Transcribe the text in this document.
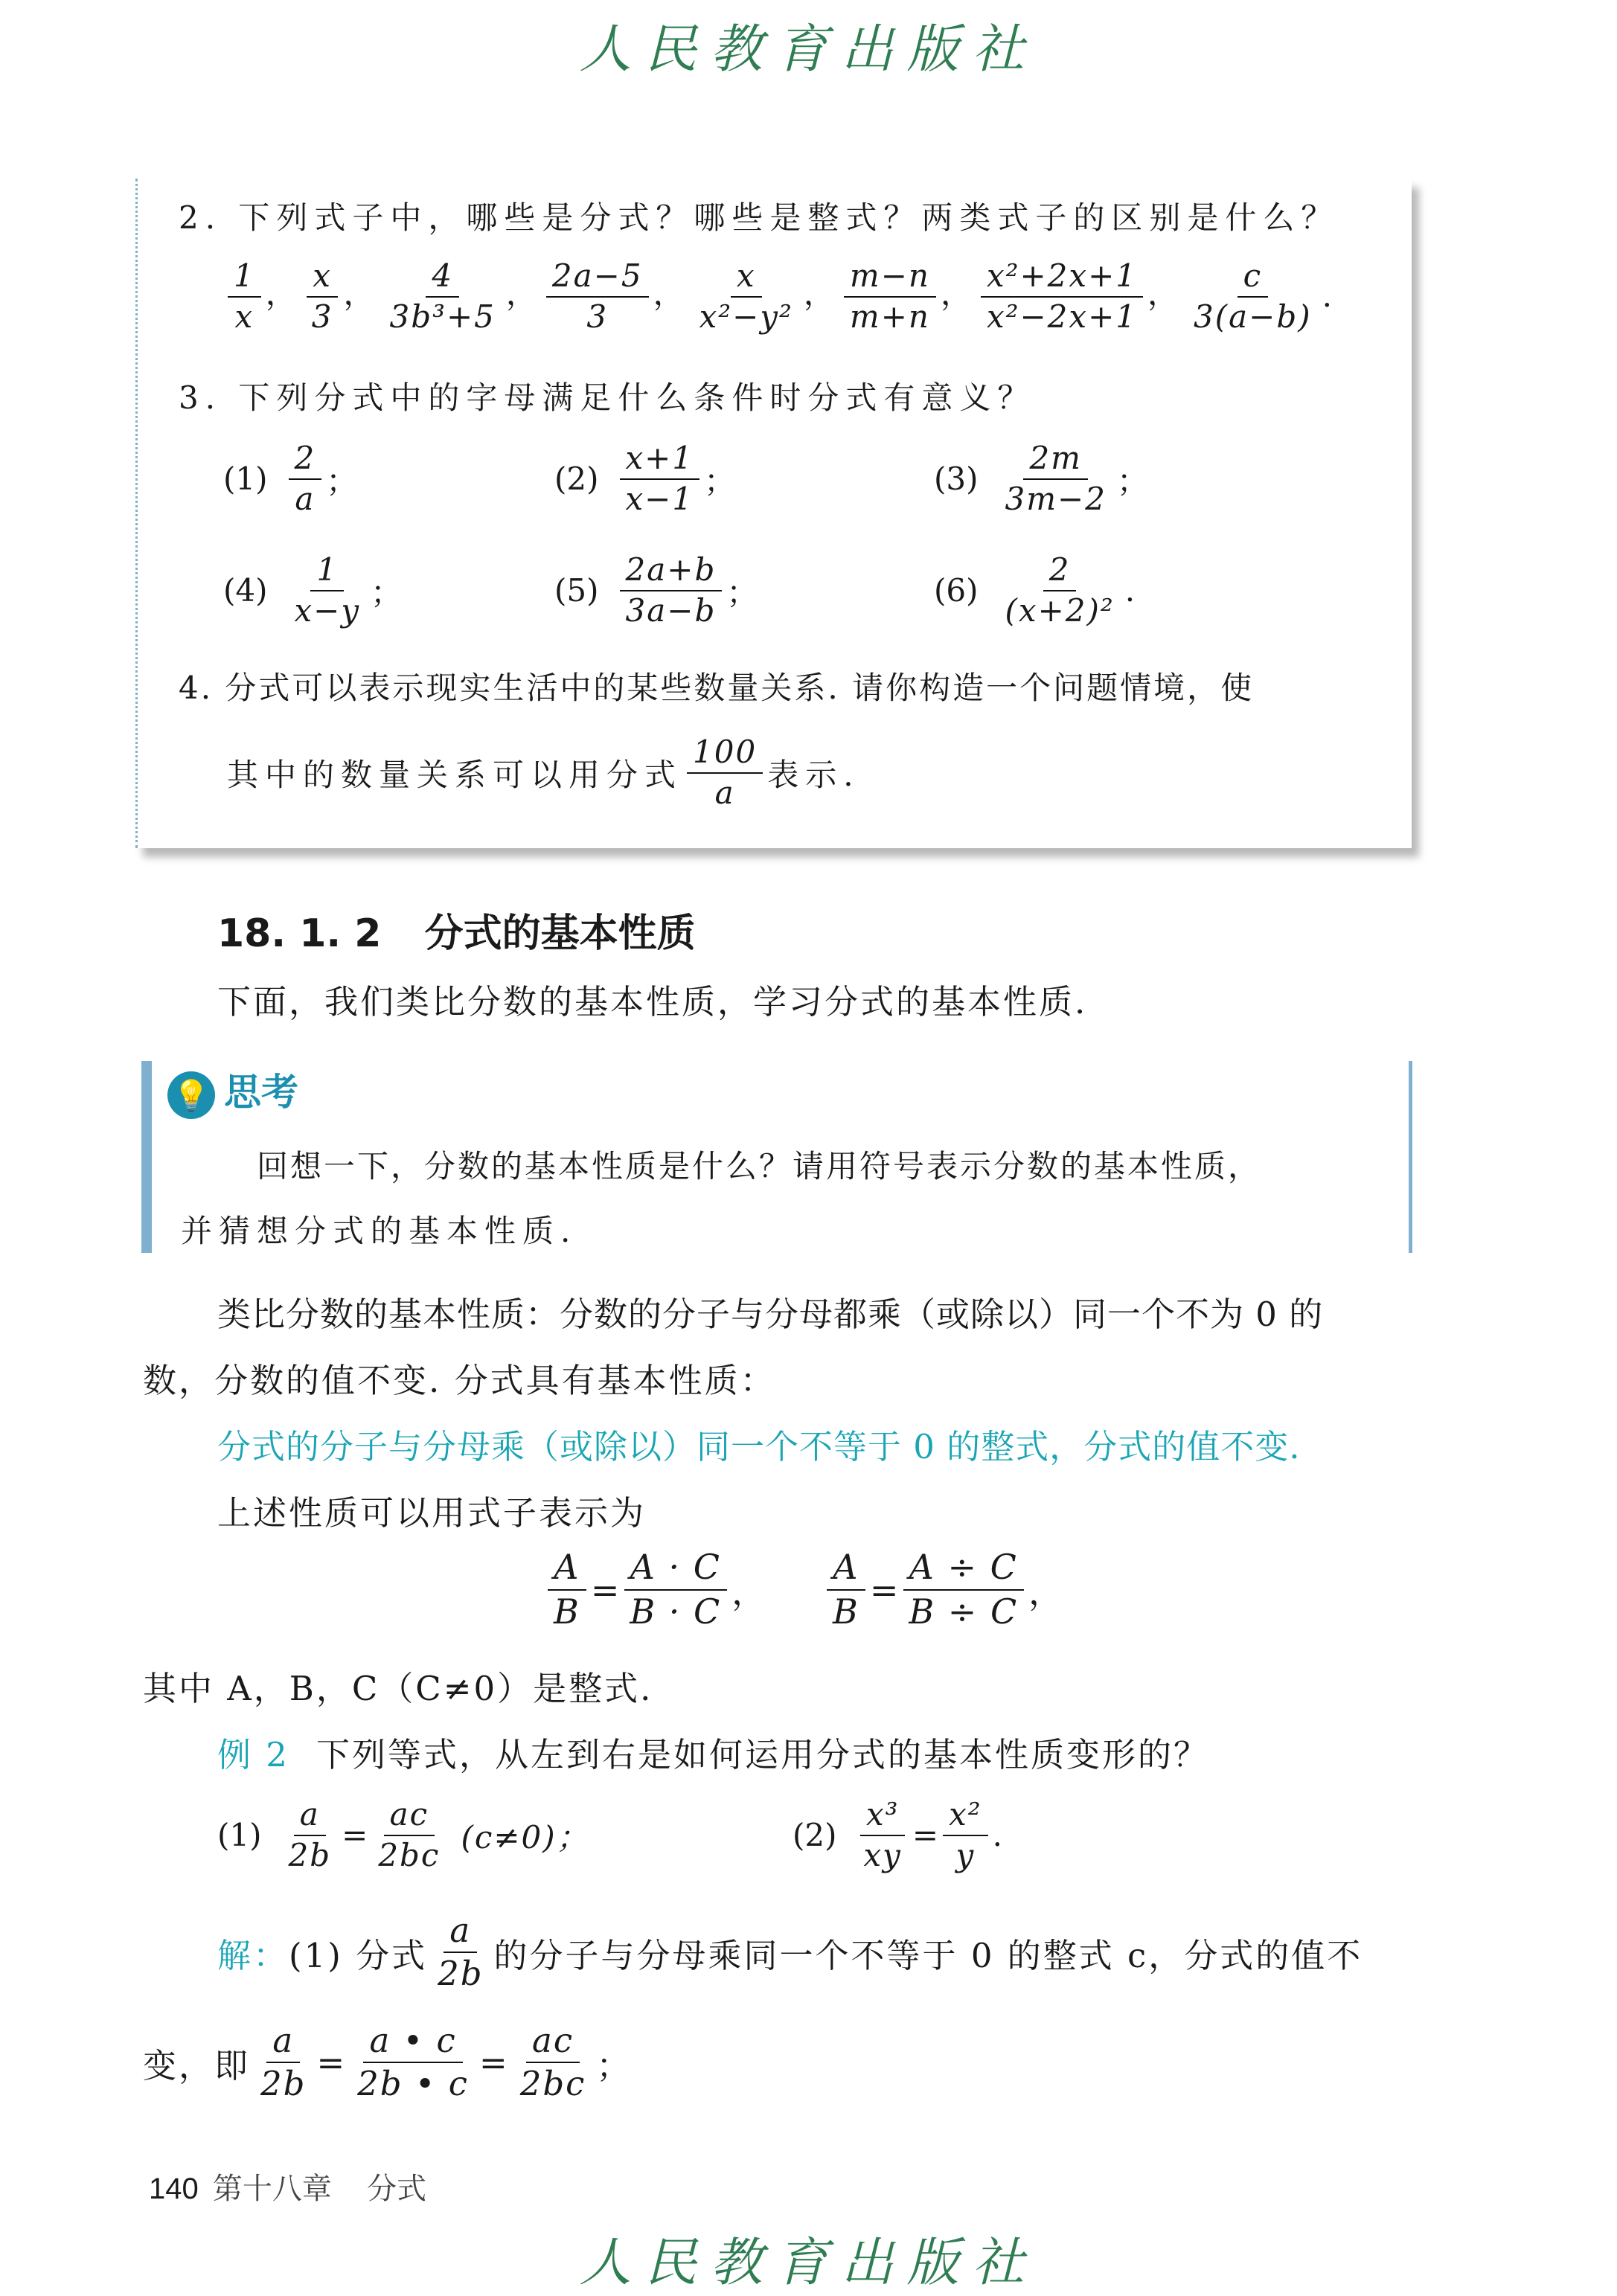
人民教育出版社
2. 下列式子中，哪些是分式？哪些是整式？两类式子的区别是什么？
$\frac{1}{x}$ ， $\frac{x}{3}$ ， $\frac{4}{\text{3b³+5}}$ ， $\frac{2a-5}{3}$ ， $\frac{x}{\text{x²−y²}}$ ， $\frac{m-n}{m+n}$ ， $\frac{\text{x²+2x+1}}{\text{x²−2x+1}}$ ， $\frac{c}{3(a-b)}$ .
3. 下列分式中的字母满足什么条件时分式有意义？
$(1) \frac{2}{a}$ ；	$(2) \frac{x+1}{x-1}$ ；	$(3) \frac{2m}{3m-2}$ ；
$(4) \frac{1}{x-y}$ ；	$(5) \frac{2a+b}{3a-b}$ ；	$(6) \frac{2}{\text{(x+2)²}}$ .
4. 分式可以表示现实生活中的某些数量关系. 请你构造一个问题情境，使
其中的数量关系可以用分式 $\frac{100}{a}$ 表示.
18. 1. 2 分式的基本性质
下面，我们类比分数的基本性质，学习分式的基本性质.
💡 思考
回想一下，分数的基本性质是什么？请用符号表示分数的基本性质，
并猜想分式的基本性质.
类比分数的基本性质：分数的分子与分母都乘（或除以）同一个不为 0 的
数，分数的值不变. 分式具有基本性质：
分式的分子与分母乘（或除以）同一个不等于 0 的整式，分式的值不变.
上述性质可以用式子表示为
$\frac{A}{B} = \frac{A \cdot C}{B \cdot C}$ ， $\frac{A}{B} = \frac{A \div C}{B \div C}$ ，
其中 A，B，C（C≠0）是整式.
例 2 下列等式，从左到右是如何运用分式的基本性质变形的？
$(1) \frac{a}{2b} = \frac{ac}{2bc} (c\ne 0)$；	$(2) \frac{\text{x³}}{xy} = \frac{\text{x²}}{y}$ .
解： (1) 分式 $\frac{a}{2b}$ 的分子与分母乘同一个不等于 0 的整式 c，分式的值不
变，即 $\frac{a}{2b} = \frac{a • c}{2b • c} = \frac{ac}{2bc}$ ；
140 第十八章 分式
人民教育出版社
